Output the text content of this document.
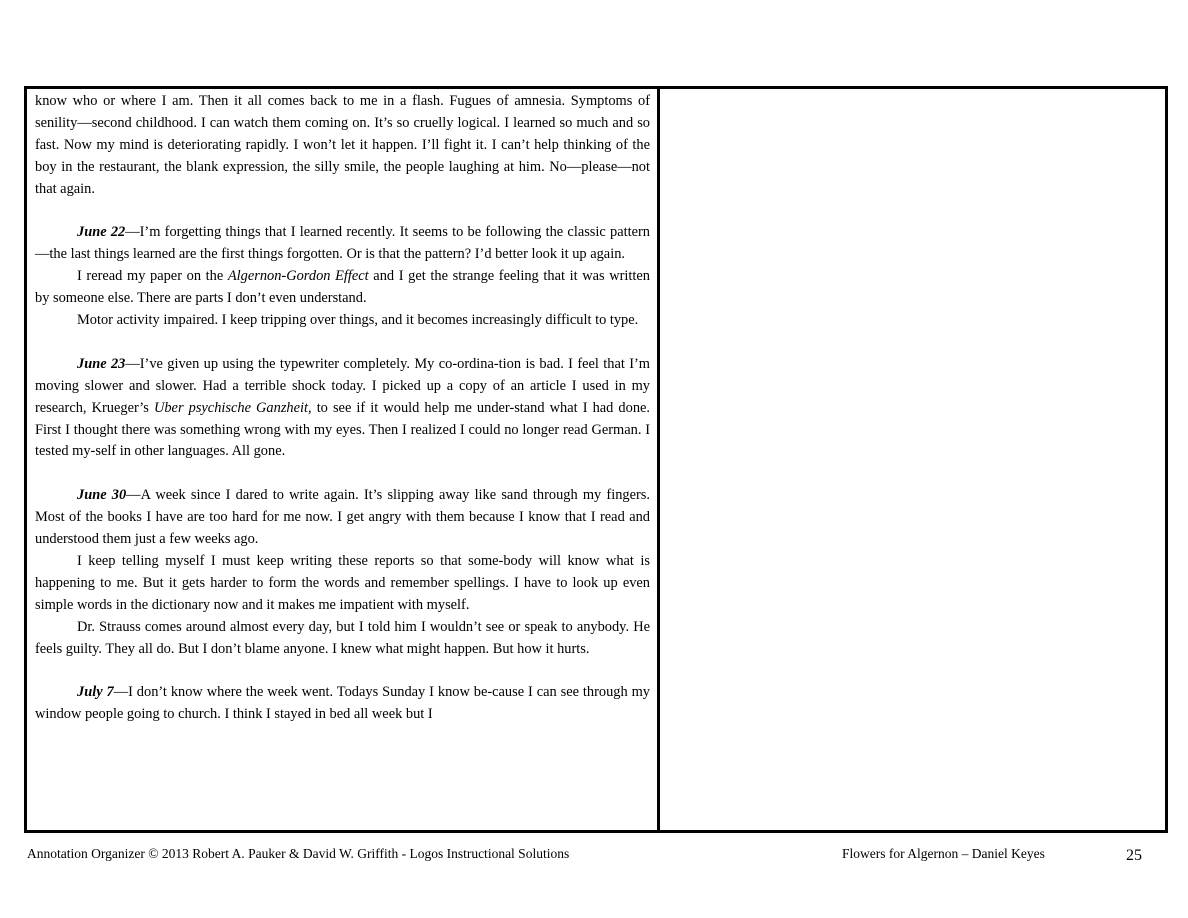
know who or where I am. Then it all comes back to me in a flash. Fugues of amnesia. Symptoms of senility—second childhood. I can watch them coming on. It’s so cruelly logical. I learned so much and so fast. Now my mind is deteriorating rapidly. I won’t let it happen. I’ll fight it. I can’t help thinking of the boy in the restaurant, the blank expression, the silly smile, the people laughing at him. No—please—not that again.

June 22—I’m forgetting things that I learned recently. It seems to be following the classic pattern—the last things learned are the first things forgotten. Or is that the pattern? I’d better look it up again.

I reread my paper on the Algernon-Gordon Effect and I get the strange feeling that it was written by someone else. There are parts I don’t even understand.

Motor activity impaired. I keep tripping over things, and it becomes increasingly difficult to type.

June 23—I’ve given up using the typewriter completely. My co-ordina-tion is bad. I feel that I’m moving slower and slower. Had a terrible shock today. I picked up a copy of an article I used in my research, Krueger’s Uber psychische Ganzheit, to see if it would help me under-stand what I had done. First I thought there was something wrong with my eyes. Then I realized I could no longer read German. I tested my-self in other languages. All gone.

June 30—A week since I dared to write again. It’s slipping away like sand through my fingers. Most of the books I have are too hard for me now. I get angry with them because I know that I read and understood them just a few weeks ago.

I keep telling myself I must keep writing these reports so that some-body will know what is happening to me. But it gets harder to form the words and remember spellings. I have to look up even simple words in the dictionary now and it makes me impatient with myself.

Dr. Strauss comes around almost every day, but I told him I wouldn’t see or speak to anybody. He feels guilty. They all do. But I don’t blame anyone. I knew what might happen. But how it hurts.

July 7—I don’t know where the week went. Todays Sunday I know be-cause I can see through my window people going to church. I think I stayed in bed all week but I

Annotation Organizer © 2013 Robert A. Pauker & David W. Griffith - Logos Instructional Solutions	Flowers for Algernon – Daniel Keyes	25
